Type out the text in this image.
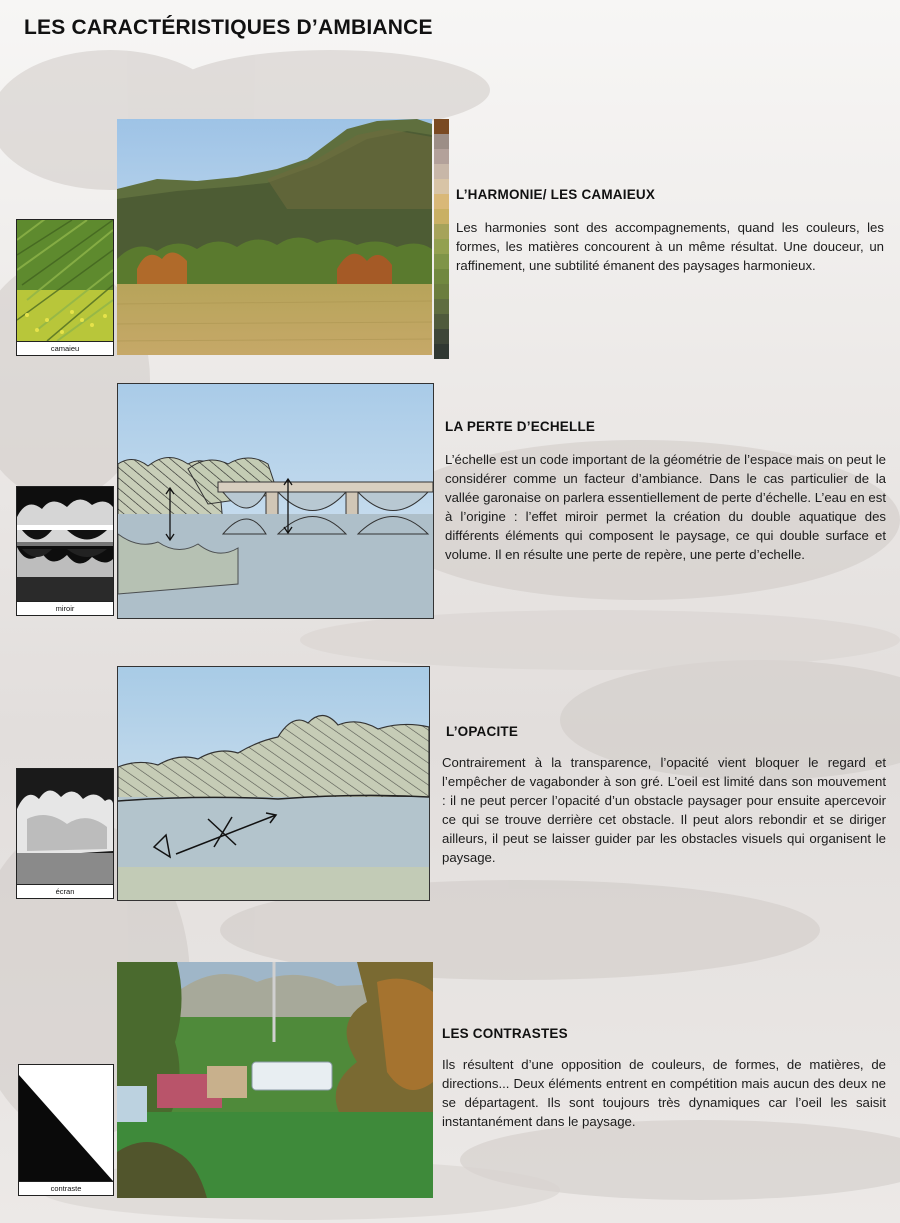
LES CARACTÉRISTIQUES D’AMBIANCE
camaieu
L’HARMONIE/ LES CAMAIEUX
Les harmonies sont des accompagnements, quand les couleurs, les formes, les matières concourent à un même résultat. Une douceur, un raffinement, une subtilité émanent des paysages harmonieux.
miroir
LA PERTE D’ECHELLE
L’échelle est un code important de la géométrie de l’espace mais on peut le considérer comme un facteur d’ambiance. Dans le cas particulier de la vallée garonaise on parlera essentiellement de perte d’échelle. L’eau en est à l’origine : l’effet miroir permet la création du double aquatique des différents éléments qui composent le paysage, ce qui double surface et volume. Il en résulte une perte de repère, une perte d’echelle.
écran
L’OPACITE
Contrairement à la transparence, l’opacité vient bloquer le regard et l’empêcher de vagabonder à son gré. L’oeil est limité dans son mouvement : il ne peut percer l’opacité d’un obstacle paysager pour ensuite apercevoir ce qui se trouve derrière cet obstacle. Il peut alors rebondir et se diriger ailleurs, il peut se laisser guider par les obstacles visuels qui organisent le paysage.
contraste
LES CONTRASTES
Ils résultent d’une opposition de couleurs, de formes, de matières, de directions... Deux éléments entrent en compétition mais aucun des deux ne se départagent. Ils sont toujours très dynamiques car l’oeil les saisit instantanément dans le paysage.
